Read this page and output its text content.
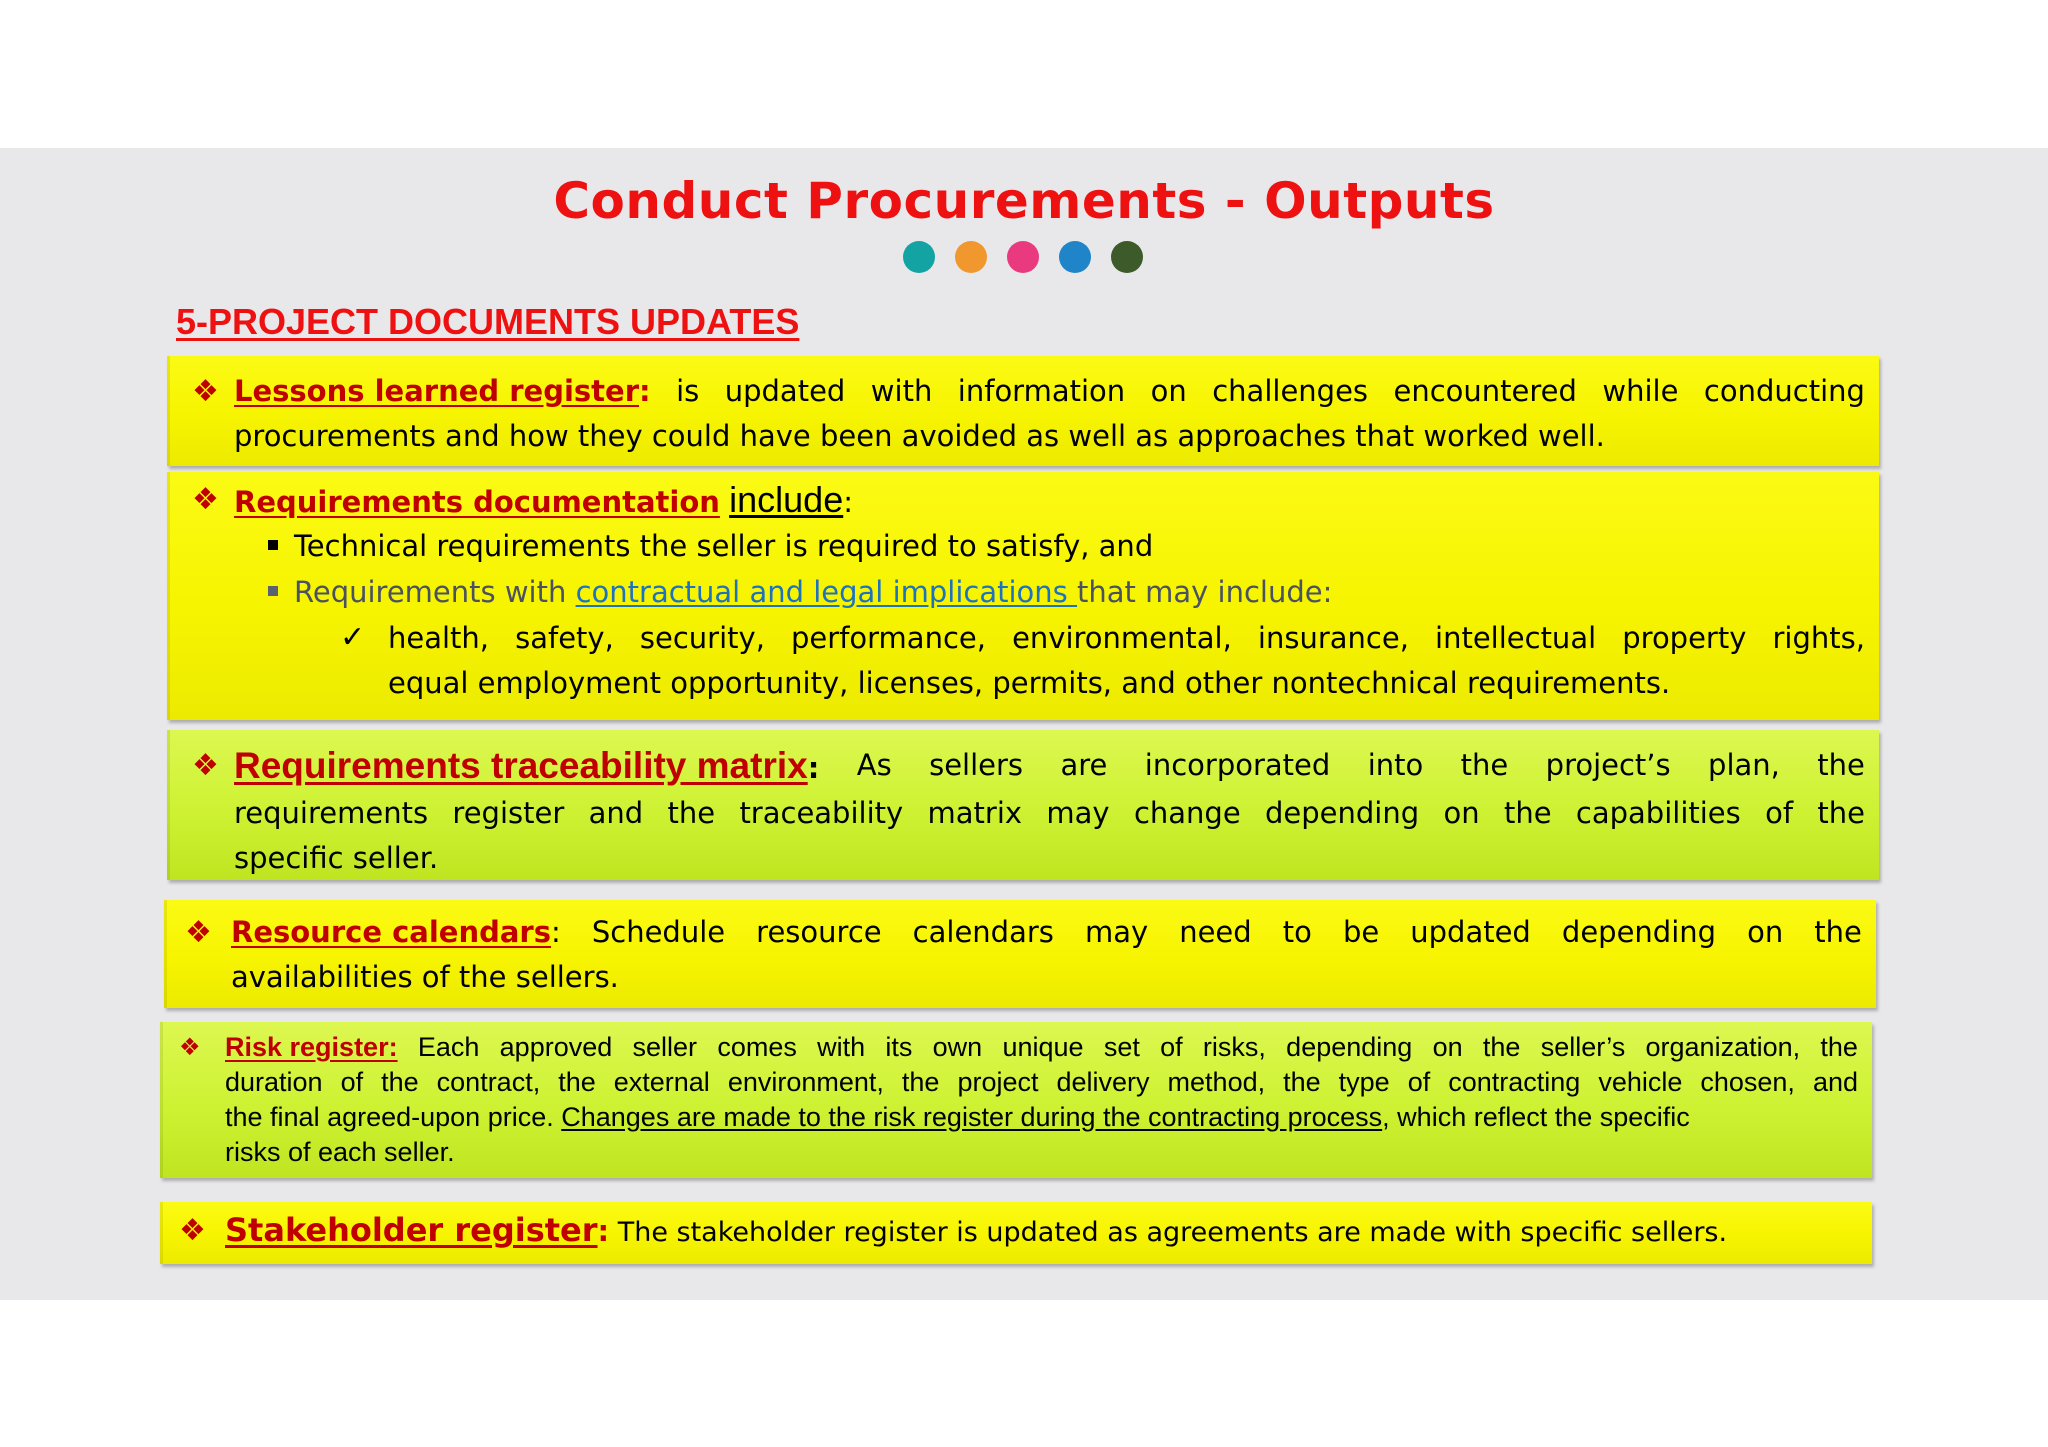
Conduct Procurements - Outputs
5-PROJECT DOCUMENTS UPDATES
❖ Lessons learned register: is updated with information on challenges encountered while conducting
procurements and how they could have been avoided as well as approaches that worked well.
❖ Requirements documentation include:
Technical requirements the seller is required to satisfy, and
Requirements with contractual and legal implications that may include:
✓ health, safety, security, performance, environmental, insurance, intellectual property rights,
equal employment opportunity, licenses, permits, and other nontechnical requirements.
❖ Requirements traceability matrix: As sellers are incorporated into the project’s plan, the
requirements register and the traceability matrix may change depending on the capabilities of the
specific seller.
❖ Resource calendars: Schedule resource calendars may need to be updated depending on the
availabilities of the sellers.
❖ Risk register: Each approved seller comes with its own unique set of risks, depending on the seller’s organization, the
duration of the contract, the external environment, the project delivery method, the type of contracting vehicle chosen, and
the final agreed-upon price. Changes are made to the risk register during the contracting process, which reflect the specific
risks of each seller.
❖ Stakeholder register: The stakeholder register is updated as agreements are made with specific sellers.
